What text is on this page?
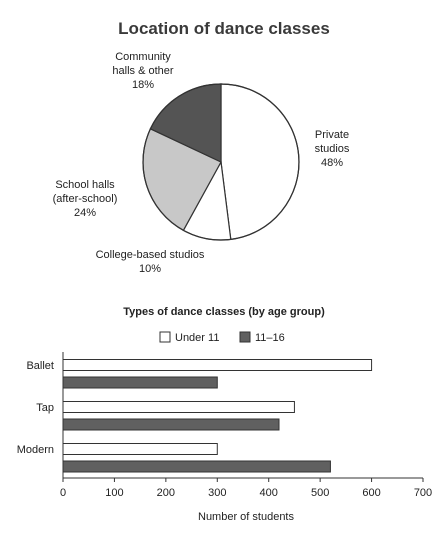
Location of dance classes
Private studios 48%
College-based studios 10%
School halls (after-school) 24%
Community halls & other 18%
Types of dance classes (by age group)
Under 11	11–16
0	100	200	300	400	500	600	700
Ballet
Tap
Modern
Number of students
